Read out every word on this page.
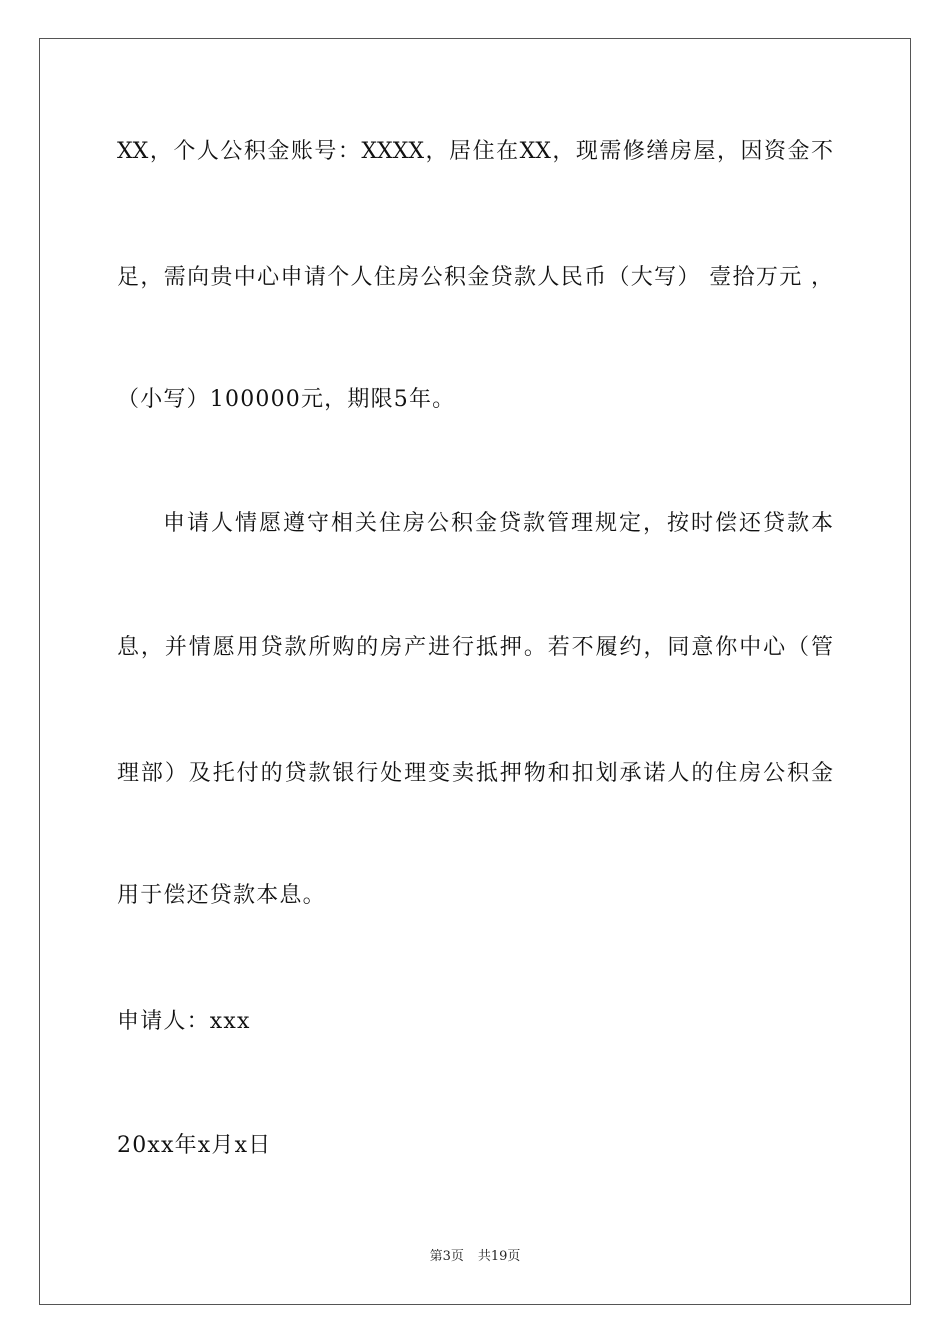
XX，个人公积金账号：XXXX，居住在XX，现需修缮房屋，因资金不
足，需向贵中心申请个人住房公积金贷款人民币（大写） 壹拾万元 ，
（小写）100000元，期限5年。
申请人情愿遵守相关住房公积金贷款管理规定，按时偿还贷款本
息，并情愿用贷款所购的房产进行抵押。若不履约，同意你中心（管
理部）及托付的贷款银行处理变卖抵押物和扣划承诺人的住房公积金
用于偿还贷款本息。
申请人：xxx
20xx年x月x日
第3页 共19页
